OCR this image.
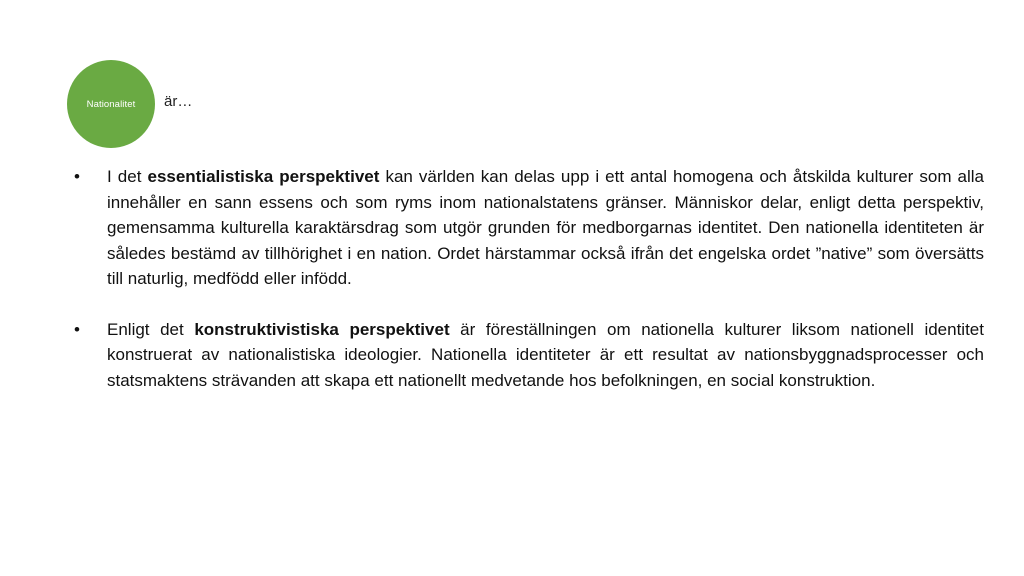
Nationalitet är…
•	I det essentialistiska perspektivet kan världen kan delas upp i ett antal homogena och åtskilda kulturer som alla innehåller en sann essens och som ryms inom nationalstatens gränser. Människor delar, enligt detta perspektiv, gemensamma kulturella karaktärsdrag som utgör grunden för medborgarnas identitet. Den nationella identiteten är således bestämd av tillhörighet i en nation. Ordet härstammar också ifrån det engelska ordet ”native” som översätts till naturlig, medfödd eller infödd.
•	Enligt det konstruktivistiska perspektivet är föreställningen om nationella kulturer liksom nationell identitet konstruerat av nationalistiska ideologier. Nationella identiteter är ett resultat av nationsbyggnadsprocesser och statsmaktens strävanden att skapa ett nationellt medvetande hos befolkningen, en social konstruktion.
